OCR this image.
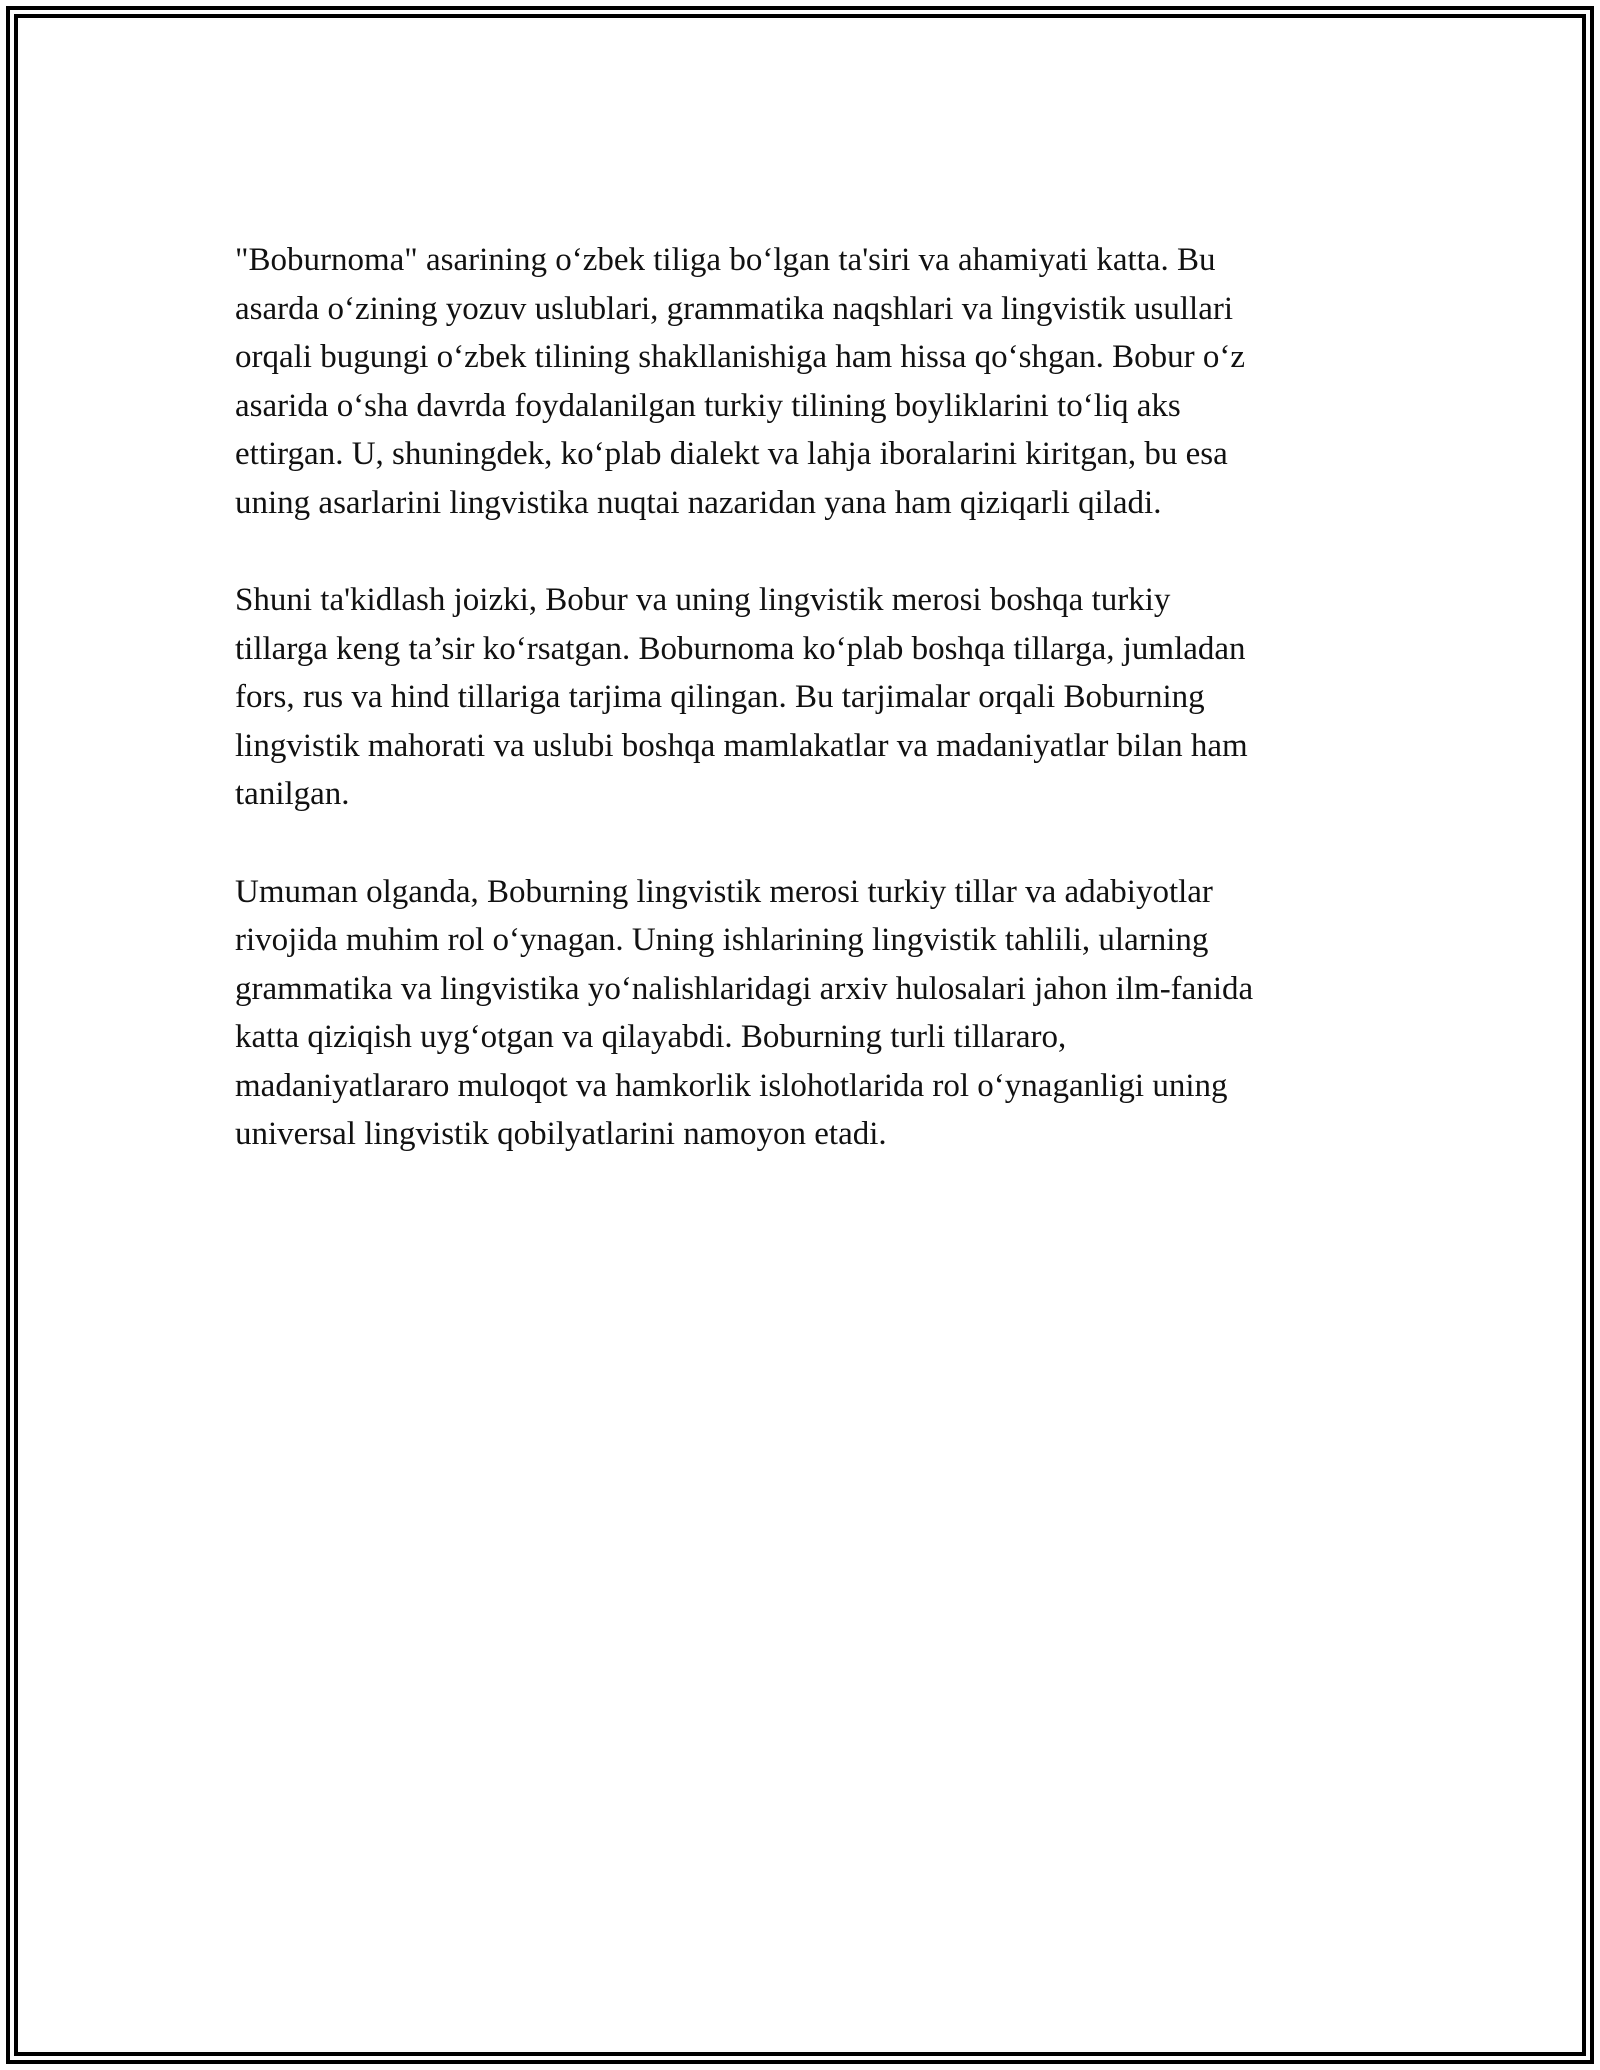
"Boburnoma" asarining o‘zbek tiliga bo‘lgan ta'siri va ahamiyati katta. Bu
asarda o‘zining yozuv uslublari, grammatika naqshlari va lingvistik usullari
orqali bugungi o‘zbek tilining shakllanishiga ham hissa qo‘shgan. Bobur o‘z
asarida o‘sha davrda foydalanilgan turkiy tilining boyliklarini to‘liq aks
ettirgan. U, shuningdek, ko‘plab dialekt va lahja iboralarini kiritgan, bu esa
uning asarlarini lingvistika nuqtai nazaridan yana ham qiziqarli qiladi.

Shuni ta'kidlash joizki, Bobur va uning lingvistik merosi boshqa turkiy
tillarga keng ta’sir ko‘rsatgan. Boburnoma ko‘plab boshqa tillarga, jumladan
fors, rus va hind tillariga tarjima qilingan. Bu tarjimalar orqali Boburning
lingvistik mahorati va uslubi boshqa mamlakatlar va madaniyatlar bilan ham
tanilgan.

Umuman olganda, Boburning lingvistik merosi turkiy tillar va adabiyotlar
rivojida muhim rol o‘ynagan. Uning ishlarining lingvistik tahlili, ularning
grammatika va lingvistika yo‘nalishlaridagi arxiv hulosalari jahon ilm-fanida
katta qiziqish uyg‘otgan va qilayabdi. Boburning turli tillararo,
madaniyatlararo muloqot va hamkorlik islohotlarida rol o‘ynaganligi uning
universal lingvistik qobilyatlarini namoyon etadi.
